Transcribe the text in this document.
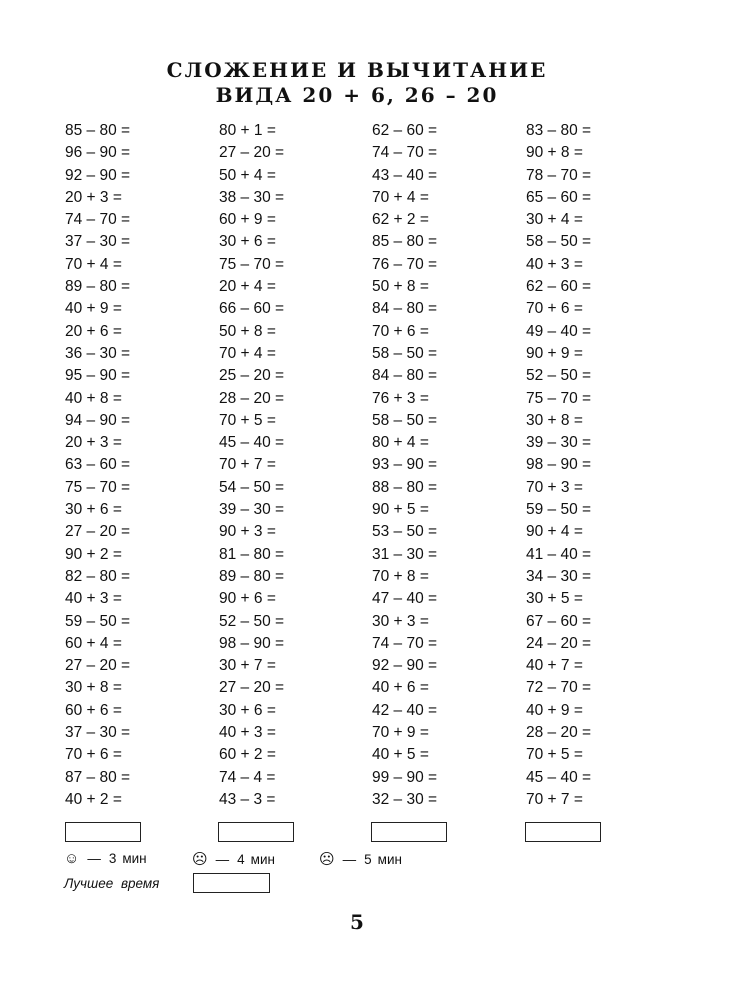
СЛОЖЕНИЕ И ВЫЧИТАНИЕ
ВИДА 20 + 6, 26 – 20
85 – 80 =
96 – 90 =
92 – 90 =
20 + 3 =
74 – 70 =
37 – 30 =
70 + 4 =
89 – 80 =
40 + 9 =
20 + 6 =
36 – 30 =
95 – 90 =
40 + 8 =
94 – 90 =
20 + 3 =
63 – 60 =
75 – 70 =
30 + 6 =
27 – 20 =
90 + 2 =
82 – 80 =
40 + 3 =
59 – 50 =
60 + 4 =
27 – 20 =
30 + 8 =
60 + 6 =
37 – 30 =
70 + 6 =
87 – 80 =
40 + 2 =
80 + 1 =
27 – 20 =
50 + 4 =
38 – 30 =
60 + 9 =
30 + 6 =
75 – 70 =
20 + 4 =
66 – 60 =
50 + 8 =
70 + 4 =
25 – 20 =
28 – 20 =
70 + 5 =
45 – 40 =
70 + 7 =
54 – 50 =
39 – 30 =
90 + 3 =
81 – 80 =
89 – 80 =
90 + 6 =
52 – 50 =
98 – 90 =
30 + 7 =
27 – 20 =
30 + 6 =
40 + 3 =
60 + 2 =
74 – 4 =
43 – 3 =
62 – 60 =
74 – 70 =
43 – 40 =
70 + 4 =
62 + 2 =
85 – 80 =
76 – 70 =
50 + 8 =
84 – 80 =
70 + 6 =
58 – 50 =
84 – 80 =
76 + 3 =
58 – 50 =
80 + 4 =
93 – 90 =
88 – 80 =
90 + 5 =
53 – 50 =
31 – 30 =
70 + 8 =
47 – 40 =
30 + 3 =
74 – 70 =
92 – 90 =
40 + 6 =
42 – 40 =
70 + 9 =
40 + 5 =
99 – 90 =
32 – 30 =
83 – 80 =
90 + 8 =
78 – 70 =
65 – 60 =
30 + 4 =
58 – 50 =
40 + 3 =
62 – 60 =
70 + 6 =
49 – 40 =
90 + 9 =
52 – 50 =
75 – 70 =
30 + 8 =
39 – 30 =
98 – 90 =
70 + 3 =
59 – 50 =
90 + 4 =
41 – 40 =
34 – 30 =
30 + 5 =
67 – 60 =
24 – 20 =
40 + 7 =
72 – 70 =
40 + 9 =
28 – 20 =
70 + 5 =
45 – 40 =
70 + 7 =
☺ — 3 мин	☹ — 4 мин	☹ — 5 мин
Лучшее время
5
